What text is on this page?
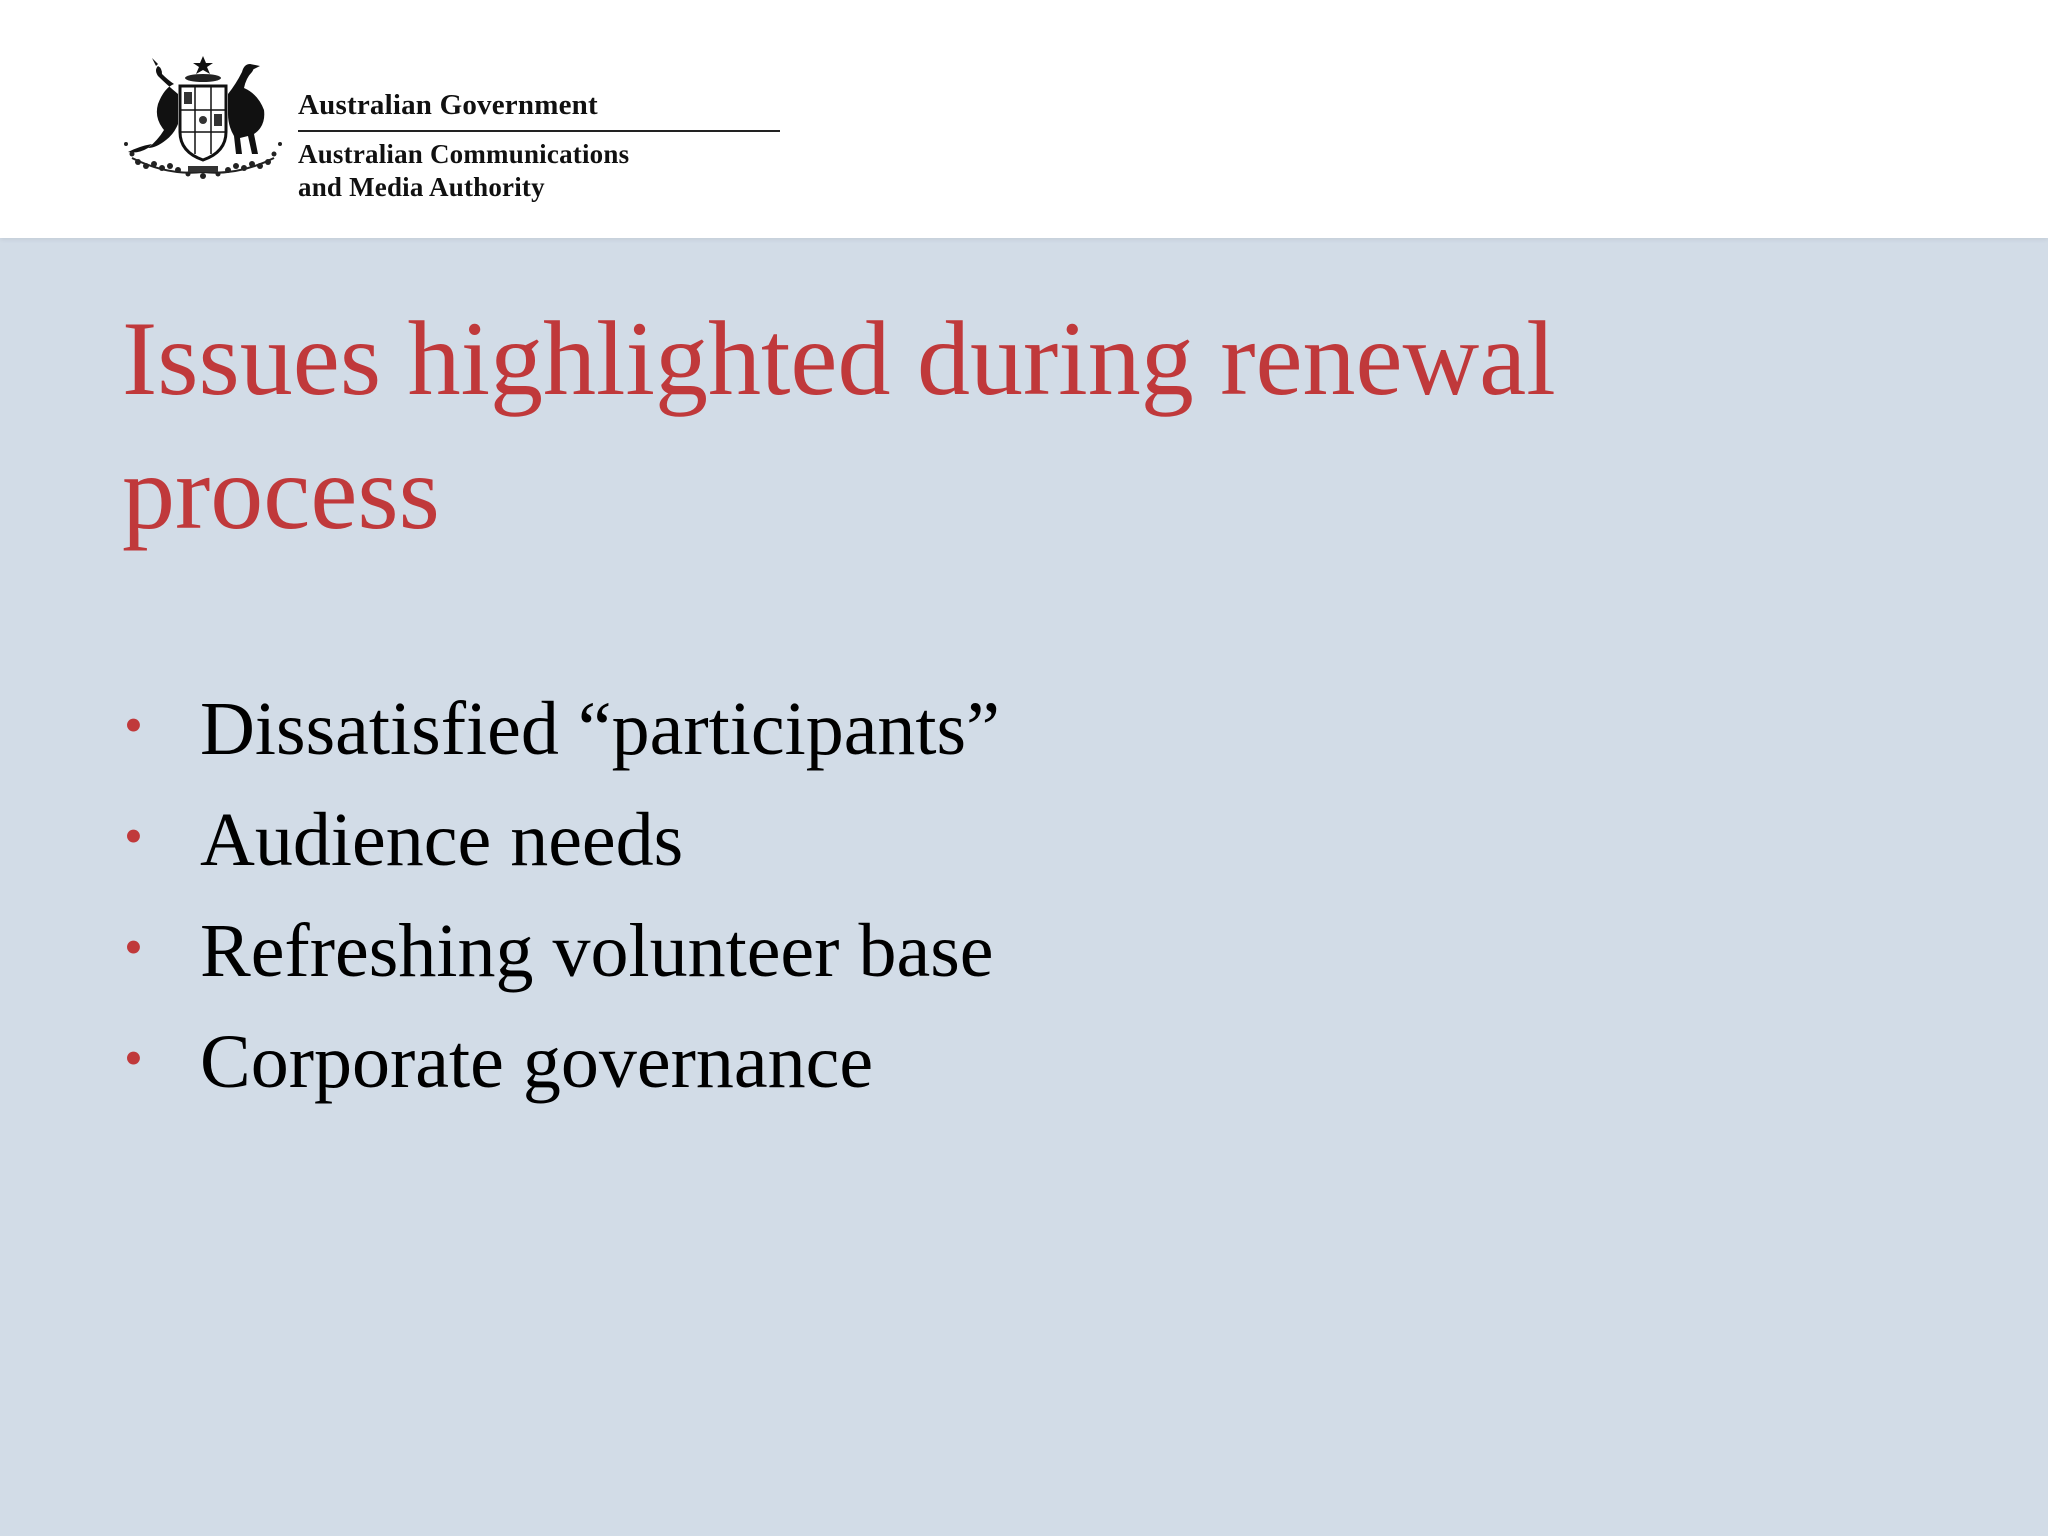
Australian Government
Australian Communications
and Media Authority
Issues highlighted during renewal process
• Dissatisfied “participants”
• Audience needs
• Refreshing volunteer base
• Corporate governance
